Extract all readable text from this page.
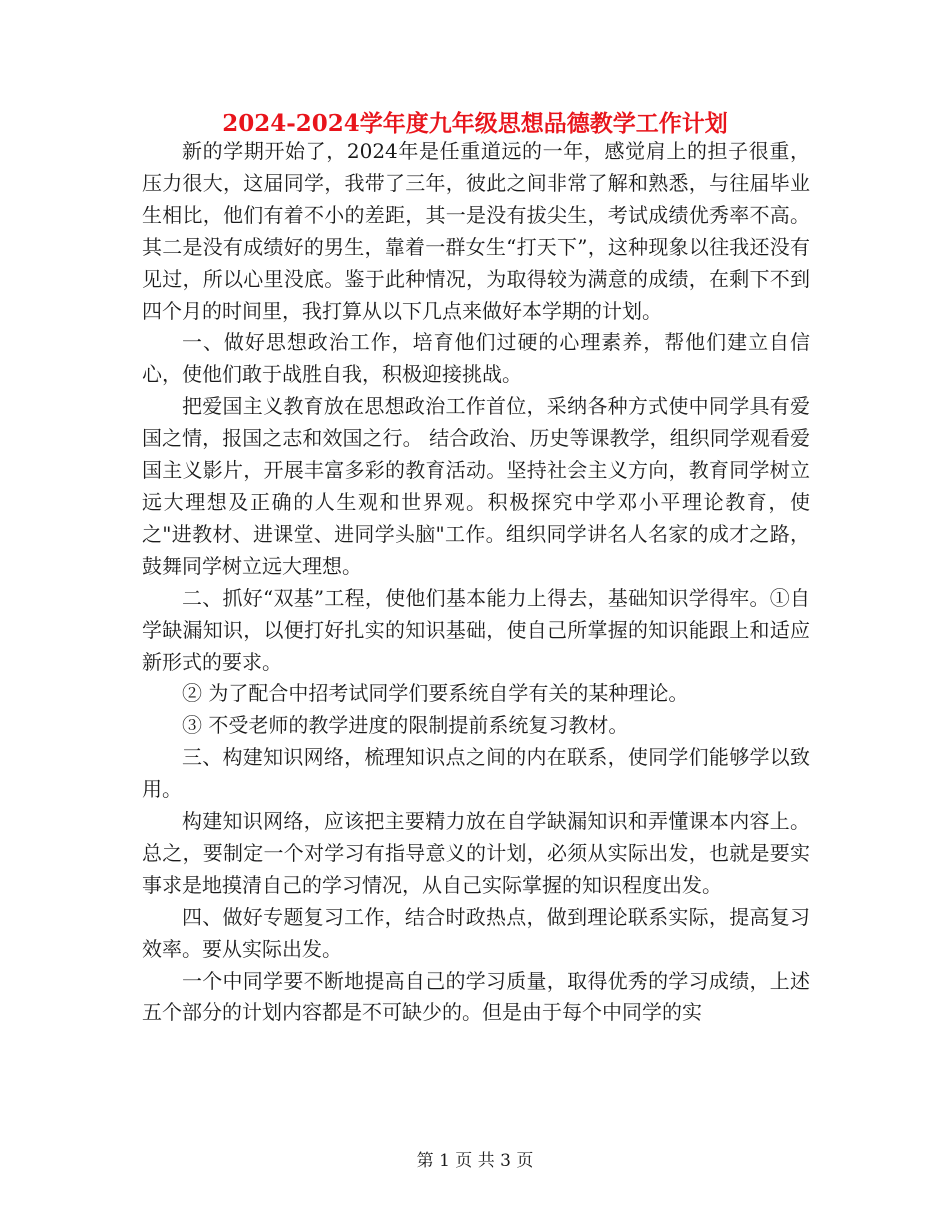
2024-2024学年度九年级思想品德教学工作计划

新的学期开始了，2024年是任重道远的一年，感觉肩上的担子很重，压力很大，这届同学，我带了三年，彼此之间非常了解和熟悉，与往届毕业生相比，他们有着不小的差距，其一是没有拔尖生，考试成绩优秀率不高。其二是没有成绩好的男生，靠着一群女生“打天下”，这种现象以往我还没有见过，所以心里没底。鉴于此种情况，为取得较为满意的成绩，在剩下不到四个月的时间里，我打算从以下几点来做好本学期的计划。

一、做好思想政治工作，培育他们过硬的心理素养，帮他们建立自信心，使他们敢于战胜自我，积极迎接挑战。

把爱国主义教育放在思想政治工作首位，采纳各种方式使中同学具有爱国之情，报国之志和效国之行。 结合政治、历史等课教学，组织同学观看爱国主义影片，开展丰富多彩的教育活动。坚持社会主义方向，教育同学树立远大理想及正确的人生观和世界观。积极探究中学邓小平理论教育，使之"进教材、进课堂、进同学头脑"工作。组织同学讲名人名家的成才之路，鼓舞同学树立远大理想。

二、抓好“双基”工程，使他们基本能力上得去，基础知识学得牢。①自学缺漏知识，以便打好扎实的知识基础，使自己所掌握的知识能跟上和适应新形式的要求。

② 为了配合中招考试同学们要系统自学有关的某种理论。

③ 不受老师的教学进度的限制提前系统复习教材。

三、构建知识网络，梳理知识点之间的内在联系，使同学们能够学以致用。

构建知识网络，应该把主要精力放在自学缺漏知识和弄懂课本内容上。总之，要制定一个对学习有指导意义的计划，必须从实际出发，也就是要实事求是地摸清自己的学习情况，从自己实际掌握的知识程度出发。

四、做好专题复习工作，结合时政热点，做到理论联系实际，提高复习效率。要从实际出发。

一个中同学要不断地提高自己的学习质量，取得优秀的学习成绩，上述五个部分的计划内容都是不可缺少的。但是由于每个中同学的实

第 1 页 共 3 页
